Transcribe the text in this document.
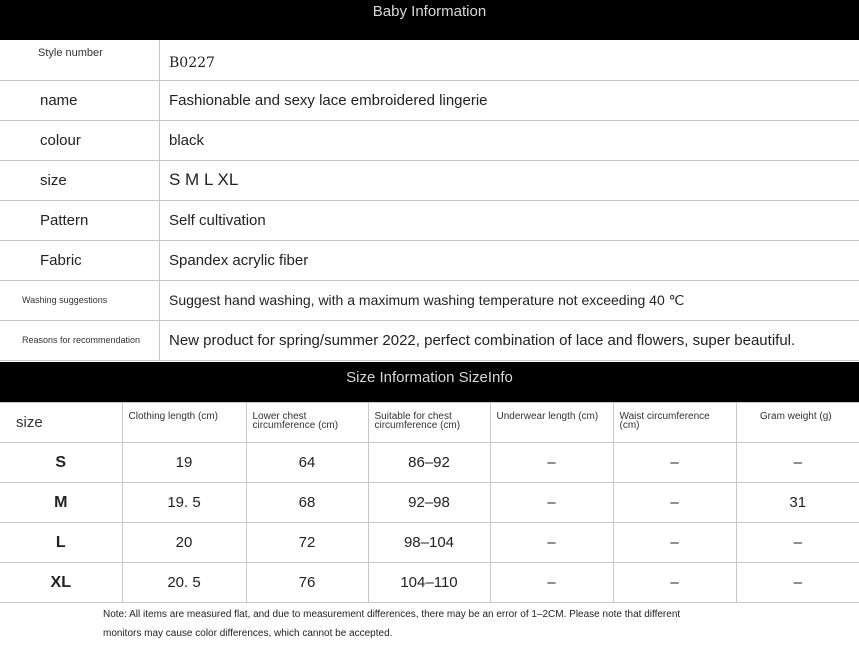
Baby Information
Style number	B0227
name	Fashionable and sexy lace embroidered lingerie
colour	black
size	S M L XL
Pattern	Self cultivation
Fabric	Spandex acrylic fiber
Washing suggestions	Suggest hand washing, with a maximum washing temperature not exceeding 40 ℃
Reasons for recommendation	New product for spring/summer 2022, perfect combination of lace and flowers, super beautiful.
Size Information SizeInfo
size	Clothing length (cm)	Lower chest circumference (cm)	Suitable for chest circumference (cm)	Underwear length (cm)	Waist circumference (cm)	Gram weight (g)
S	19	64	86–92	–	–	–
M	19. 5	68	92–98	–	–	31
L	20	72	98–104	–	–	–
XL	20. 5	76	104–110	–	–	–
Note: All items are measured flat, and due to measurement differences, there may be an error of 1–2CM. Please note that different
monitors may cause color differences, which cannot be accepted.
